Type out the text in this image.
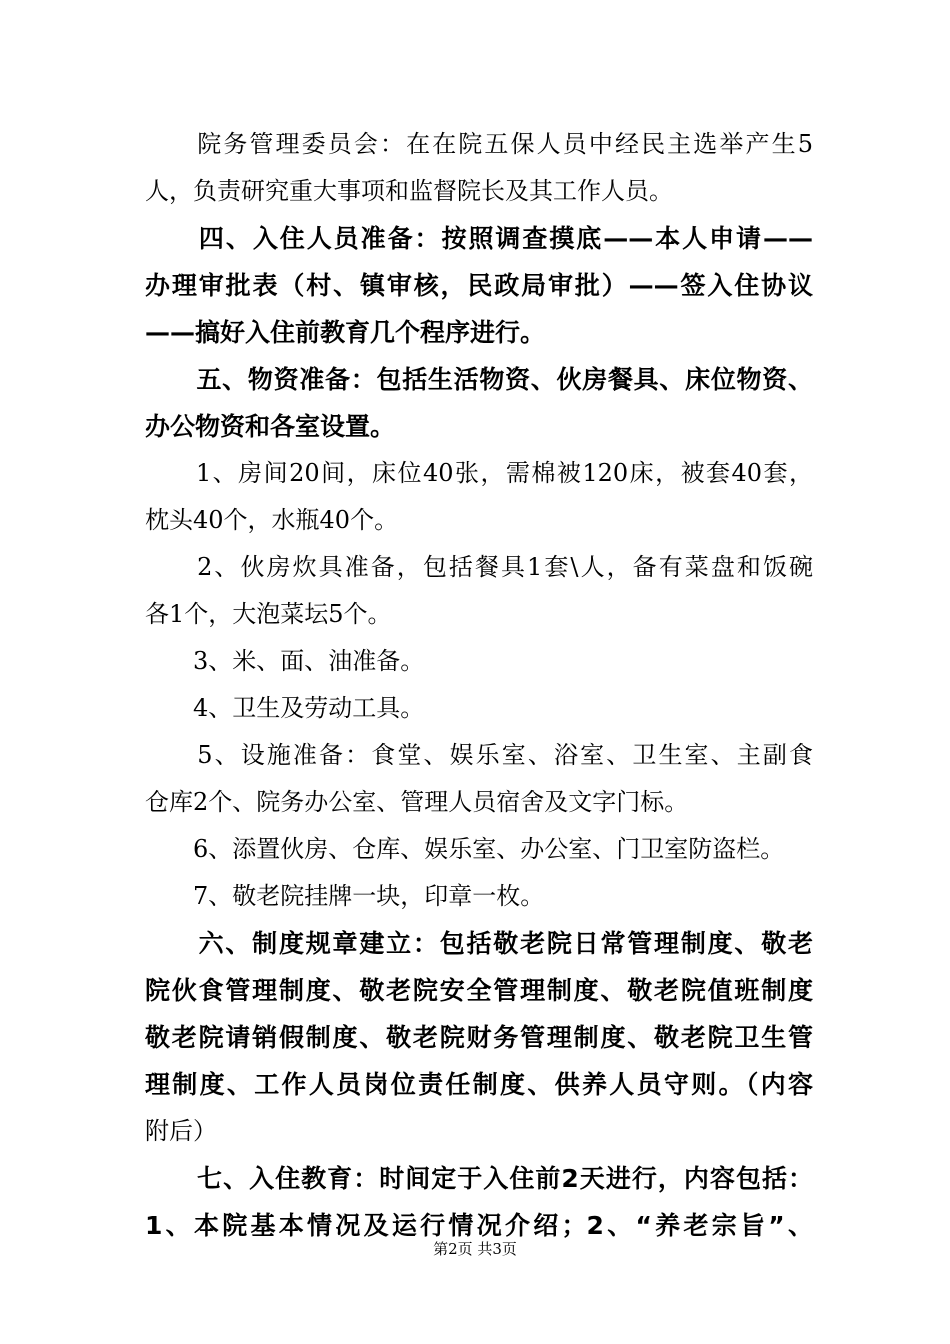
　　院务管理委员会：在在院五保人员中经民主选举产生5
人，负责研究重大事项和监督院长及其工作人员。
　　四、入住人员准备：按照调查摸底——本人申请——
办理审批表（村、镇审核，民政局审批）——签入住协议
——搞好入住前教育几个程序进行。
　　五、物资准备：包括生活物资、伙房餐具、床位物资、
办公物资和各室设置。
　　1、房间20间，床位40张，需棉被120床，被套40套，
枕头40个，水瓶40个。
　　2、伙房炊具准备，包括餐具1套\人，备有菜盘和饭碗
各1个，大泡菜坛5个。
　　3、米、面、油准备。
　　4、卫生及劳动工具。
　　5、设施准备：食堂、娱乐室、浴室、卫生室、主副食
仓库2个、院务办公室、管理人员宿舍及文字门标。
　　6、添置伙房、仓库、娱乐室、办公室、门卫室防盗栏。
　　7、敬老院挂牌一块，印章一枚。
　　六、制度规章建立：包括敬老院日常管理制度、敬老
院伙食管理制度、敬老院安全管理制度、敬老院值班制度
敬老院请销假制度、敬老院财务管理制度、敬老院卫生管
理制度、工作人员岗位责任制度、供养人员守则。（内容
附后）
　　七、入住教育：时间定于入住前2天进行，内容包括：
1、本院基本情况及运行情况介绍；2、“养老宗旨”、
第2页 共3页
